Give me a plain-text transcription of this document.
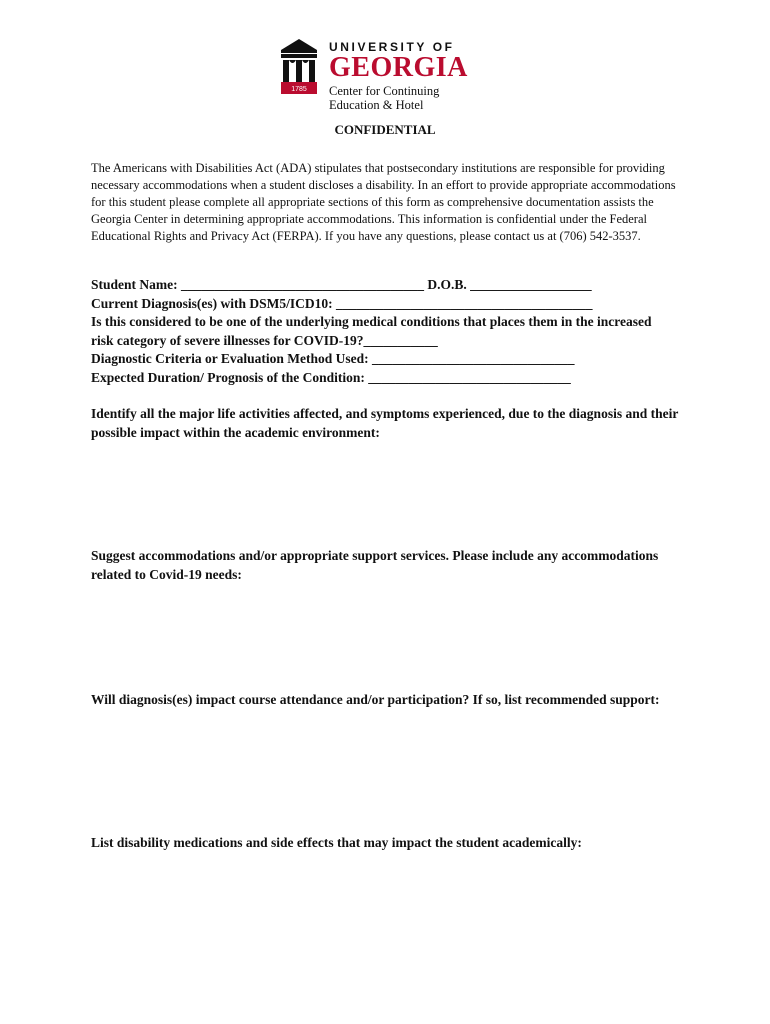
1785
UNIVERSITY OF
GEORGIA
Center for Continuing
Education & Hotel
CONFIDENTIAL

The Americans with Disabilities Act (ADA) stipulates that postsecondary institutions are responsible for providing necessary accommodations when a student discloses a disability. In an effort to provide appropriate accommodations for this student please complete all appropriate sections of this form as comprehensive documentation assists the Georgia Center in determining appropriate accommodations. This information is confidential under the Federal Educational Rights and Privacy Act (FERPA). If you have any questions, please contact us at (706) 542-3537.

Student Name: ____________________________________ D.O.B. __________________
Current Diagnosis(es) with DSM5/ICD10: ______________________________________
Is this considered to be one of the underlying medical conditions that places them in the increased risk category of severe illnesses for COVID-19?___________
Diagnostic Criteria or Evaluation Method Used: ______________________________
Expected Duration/ Prognosis of the Condition: ______________________________

Identify all the major life activities affected, and symptoms experienced, due to the diagnosis and their possible impact within the academic environment:

Suggest accommodations and/or appropriate support services. Please include any accommodations related to Covid-19 needs:

Will diagnosis(es) impact course attendance and/or participation? If so, list recommended support:

List disability medications and side effects that may impact the student academically:
